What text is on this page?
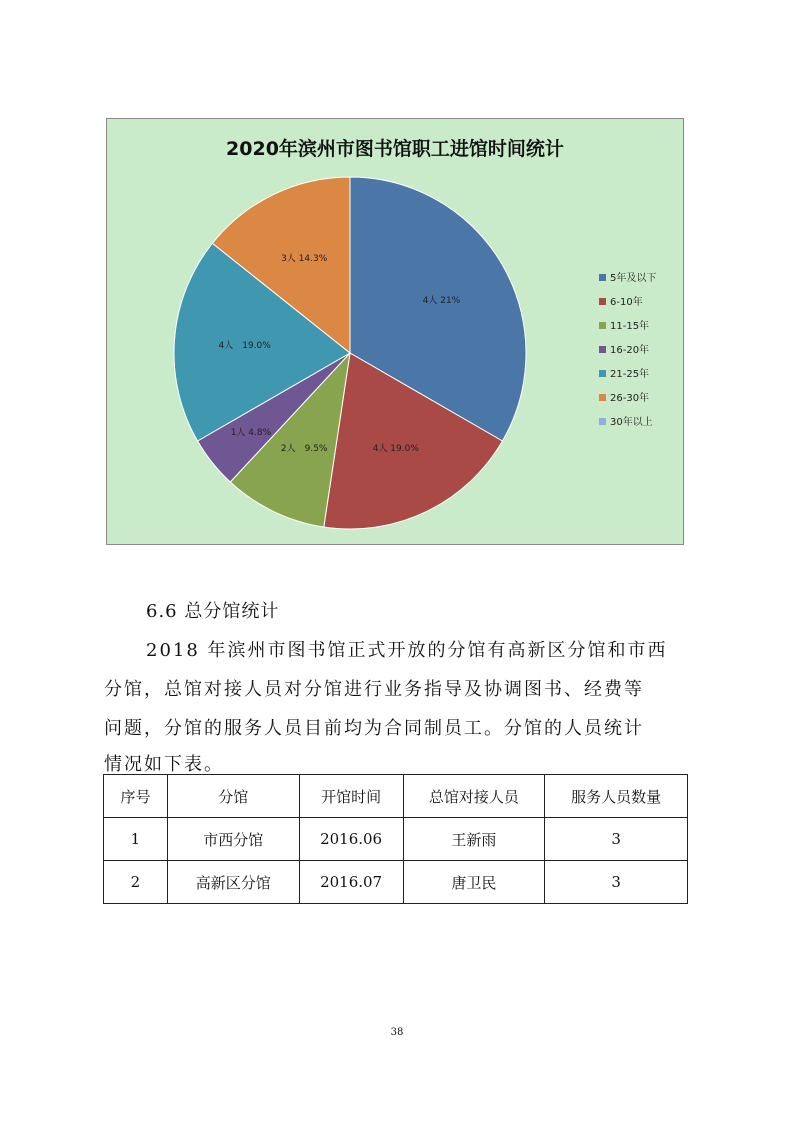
2020年滨州市图书馆职工进馆时间统计
4人 21%
4人 19.0%
2人　9.5%
1人 4.8%
4人　19.0%
3人 14.3%
5年及以下
6-10年
11-15年
16-20年
21-25年
26-30年
30年以上
6.6 总分馆统计
2018 年滨州市图书馆正式开放的分馆有高新区分馆和市西
分馆，总馆对接人员对分馆进行业务指导及协调图书、经费等
问题，分馆的服务人员目前均为合同制员工。分馆的人员统计
情况如下表。
序号	分馆	开馆时间	总馆对接人员	服务人员数量
1	市西分馆	2016.06	王新雨	3
2	高新区分馆	2016.07	唐卫民	3
38
